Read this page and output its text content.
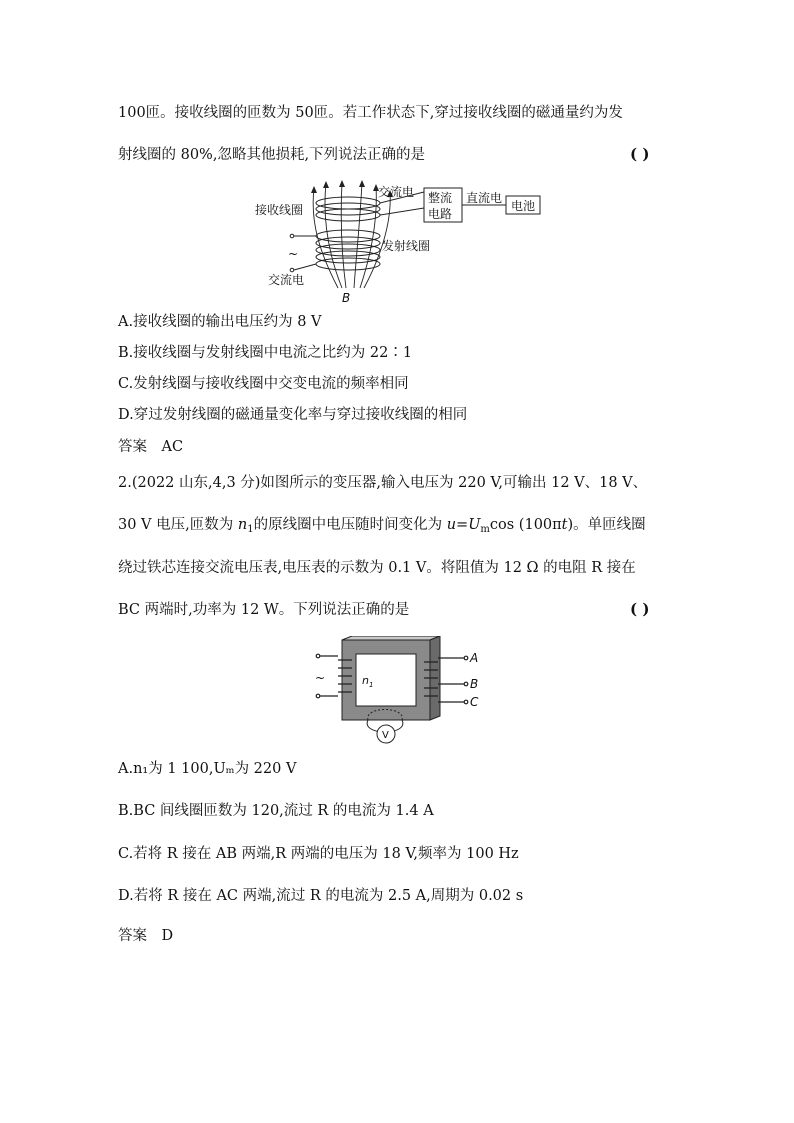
100匝。接收线圈的匝数为 50匝。若工作状态下,穿过接收线圈的磁通量约为发
射线圈的 80%,忽略其他损耗,下列说法正确的是	( )
接收线圈
交流电 整流
电路
直流电
电池
~
发射线圈
交流电
B
A.接收线圈的输出电压约为 8 V
B.接收线圈与发射线圈中电流之比约为 22∶1
C.发射线圈与接收线圈中交变电流的频率相同
D.穿过发射线圈的磁通量变化率与穿过接收线圈的相同
答案　AC
2.(2022 山东,4,3 分)如图所示的变压器,输入电压为 220 V,可输出 12 V、18 V、
30 V 电压,匝数为 $n_1$的原线圈中电压随时间变化为 $u=U_m\cos$ (100πt)。单匝线圈
绕过铁芯连接交流电压表,电压表的示数为 0.1 V。将阻值为 12 Ω 的电阻 R 接在
BC 两端时,功率为 12 W。下列说法正确的是	( )
V
~	$n_1$
A
B
C
A.n₁为 1 100,Uₘ为 220 V
B.BC 间线圈匝数为 120,流过 R 的电流为 1.4 A
C.若将 R 接在 AB 两端,R 两端的电压为 18 V,频率为 100 Hz
D.若将 R 接在 AC 两端,流过 R 的电流为 2.5 A,周期为 0.02 s
答案　D
